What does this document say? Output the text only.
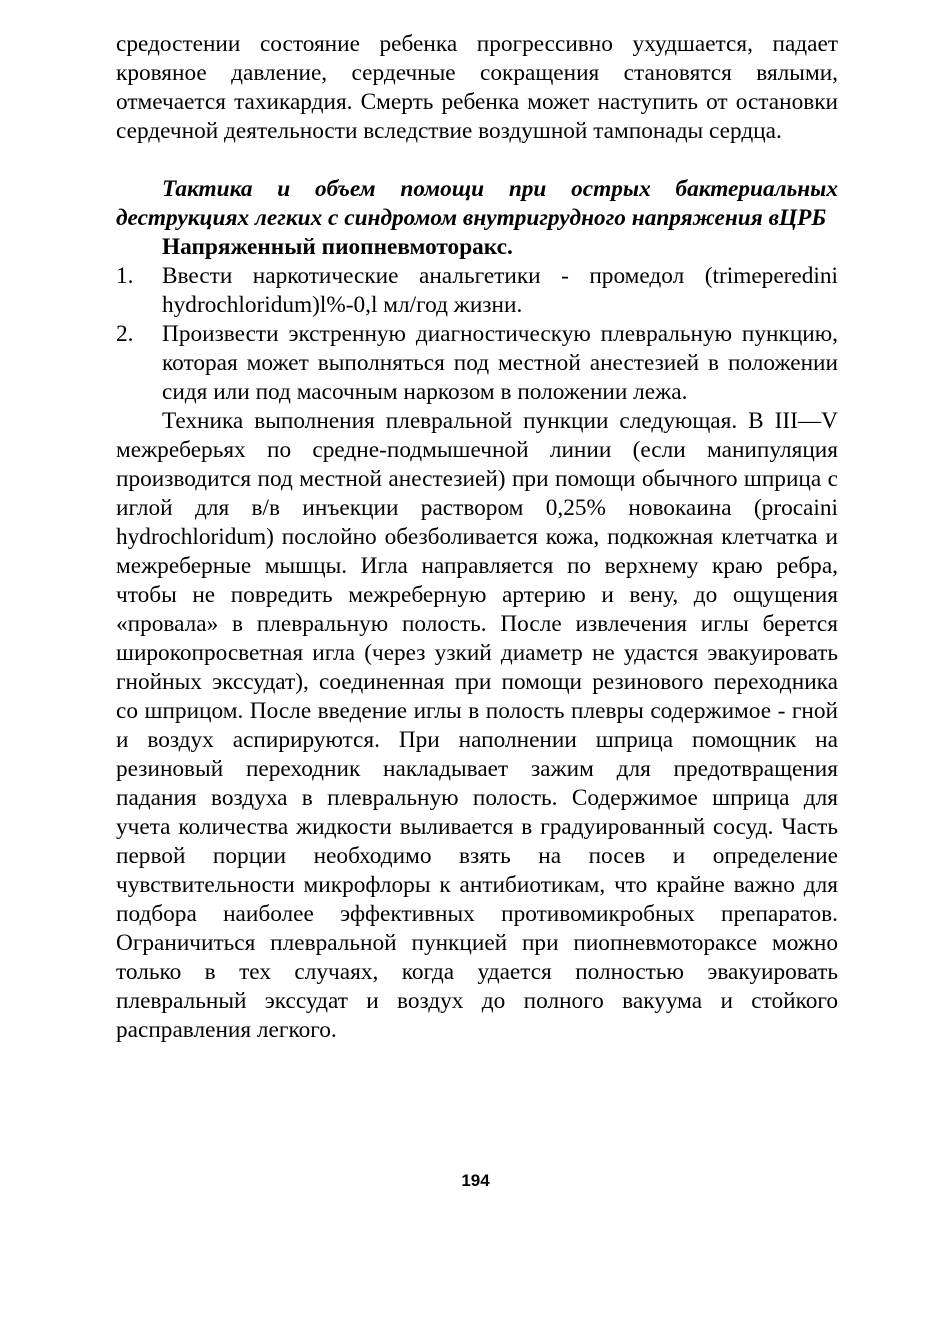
средостении состояние ребенка прогрессивно ухудшается, падает кровяное давление, сердечные сокращения становятся вялыми, отмечается тахикардия. Смерть ребенка может наступить от остановки сердечной деятельности вследствие воздушной тампонады сердца.

Тактика и объем помощи при острых бактериальных деструкциях легких с синдромом внутригрудного напряжения вЦРБ

Напряженный пиопневмоторакс.

1.	Ввести наркотические анальгетики - промедол (trimeperedini hydrochloridum)l%-0,l мл/год жизни.
2.	Произвести экстренную диагностическую плевральную пункцию, которая может выполняться под местной анестезией в положении сидя или под масочным наркозом в положении лежа.

Техника выполнения плевральной пункции следующая. В III—V межреберьях по средне-подмышечной линии (если манипуляция производится под местной анестезией) при помощи обычного шприца с иглой для в/в инъекции раствором 0,25% новокаина (procaini hydrochloridum) послойно обезболивается кожа, подкожная клетчатка и межреберные мышцы. Игла направляется по верхнему краю ребра, чтобы не повредить межреберную артерию и вену, до ощущения «провала» в плевральную полость. После извлечения иглы берется широкопросветная игла (через узкий диаметр не удастся эвакуировать гнойных экссудат), соединенная при помощи резинового переходника со шприцом. После введение иглы в полость плевры содержимое - гной и воздух аспирируются. При наполнении шприца помощник на резиновый переходник накладывает зажим для предотвращения падания воздуха в плевральную полость. Содержимое шприца для учета количества жидкости выливается в градуированный сосуд. Часть первой порции необходимо взять на посев и определение чувствительности микрофлоры к антибиотикам, что крайне важно для подбора наиболее эффективных противомикробных препаратов. Ограничиться плевральной пункцией при пиопневмотораксе можно только в тех случаях, когда удается полностью эвакуировать плевральный экссудат и воздух до полного вакуума и стойкого расправления легкого.

194
